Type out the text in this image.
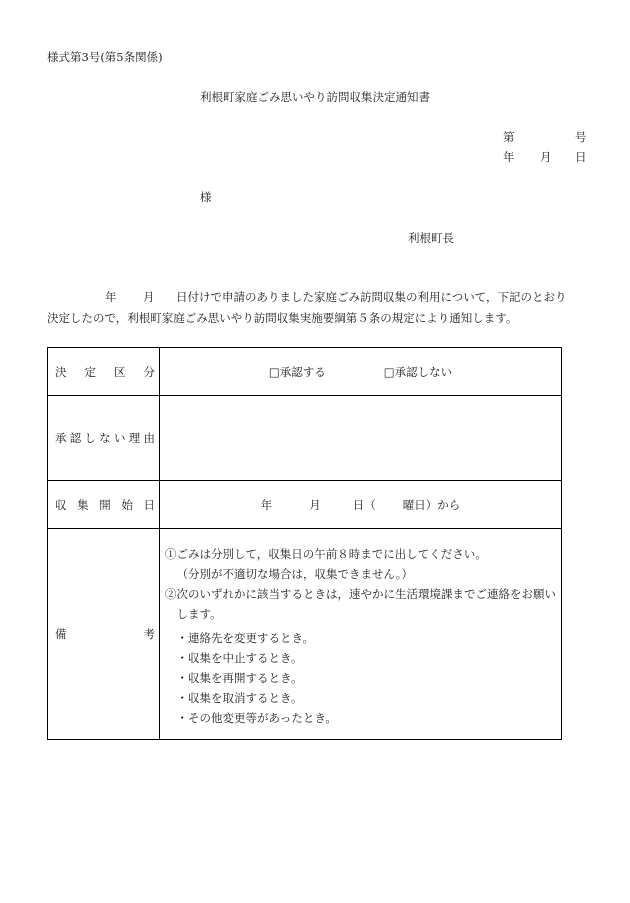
様式第3号(第5条関係)
利根町家庭ごみ思いやり訪問収集決定通知書
第	号
年 月 日
様
利根町長
年 月 日付けで申請のありました家庭ごみ訪問収集の利用について，下記のとおり
決定したので，利根町家庭ごみ思いやり訪問収集実施要綱第５条の規定により通知します。
決 定 区 分	□承認する	□承認しない
承 認 し な い 理 由
収 集 開 始 日	年	月	日（ 曜日）から
備	考
①ごみは分別して，収集日の午前８時までに出してください。
（分別が不適切な場合は，収集できません。）
②次のいずれかに該当するときは，速やかに生活環境課までご連絡をお願い
します。
・連絡先を変更するとき。
・収集を中止するとき。
・収集を再開するとき。
・収集を取消するとき。
・その他変更等があったとき。
